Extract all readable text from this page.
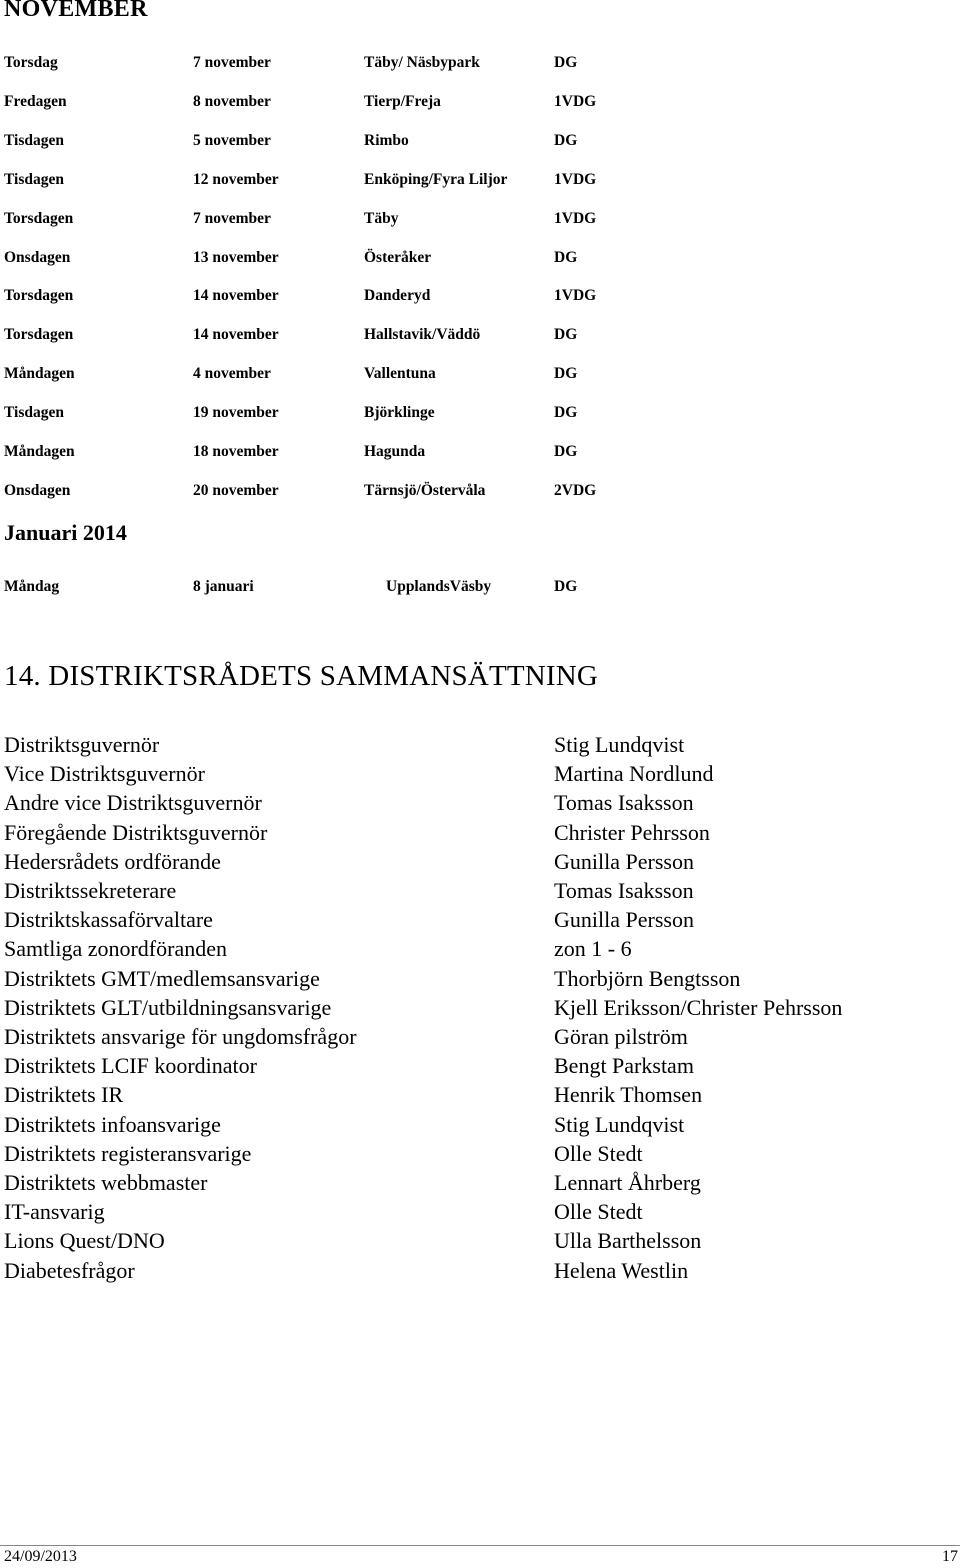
NOVEMBER
Torsdag	7 november	Täby/ Näsbypark	DG
Fredagen	8 november	Tierp/Freja	1VDG
Tisdagen	5 november	Rimbo	DG
Tisdagen	12 november	Enköping/Fyra Liljor	1VDG
Torsdagen	7 november	Täby	1VDG
Onsdagen	13 november	Österåker	DG
Torsdagen	14 november	Danderyd	1VDG
Torsdagen	14 november	Hallstavik/Väddö	DG
Måndagen	4 november	Vallentuna	DG
Tisdagen	19 november	Björklinge	DG
Måndagen	18 november	Hagunda	DG
Onsdagen	20 november	Tärnsjö/Östervåla	2VDG
Januari 2014
Måndag	8 januari	UpplandsVäsby	DG
14. DISTRIKTSRÅDETS SAMMANSÄTTNING
Distriktsguvernör	Stig Lundqvist
Vice Distriktsguvernör	Martina Nordlund
Andre vice Distriktsguvernör	Tomas Isaksson
Föregående Distriktsguvernör	Christer Pehrsson
Hedersrådets ordförande	Gunilla Persson
Distriktssekreterare	Tomas Isaksson
Distriktskassaförvaltare	Gunilla Persson
Samtliga zonordföranden	zon 1 - 6
Distriktets GMT/medlemsansvarige	Thorbjörn Bengtsson
Distriktets GLT/utbildningsansvarige	Kjell Eriksson/Christer Pehrsson
Distriktets ansvarige för ungdomsfrågor	Göran pilström
Distriktets LCIF koordinator	Bengt Parkstam
Distriktets IR	Henrik Thomsen
Distriktets infoansvarige	Stig Lundqvist
Distriktets registeransvarige	Olle Stedt
Distriktets webbmaster	Lennart Åhrberg
IT-ansvarig	Olle Stedt
Lions Quest/DNO	Ulla Barthelsson
Diabetesfrågor	Helena Westlin
24/09/2013	17
